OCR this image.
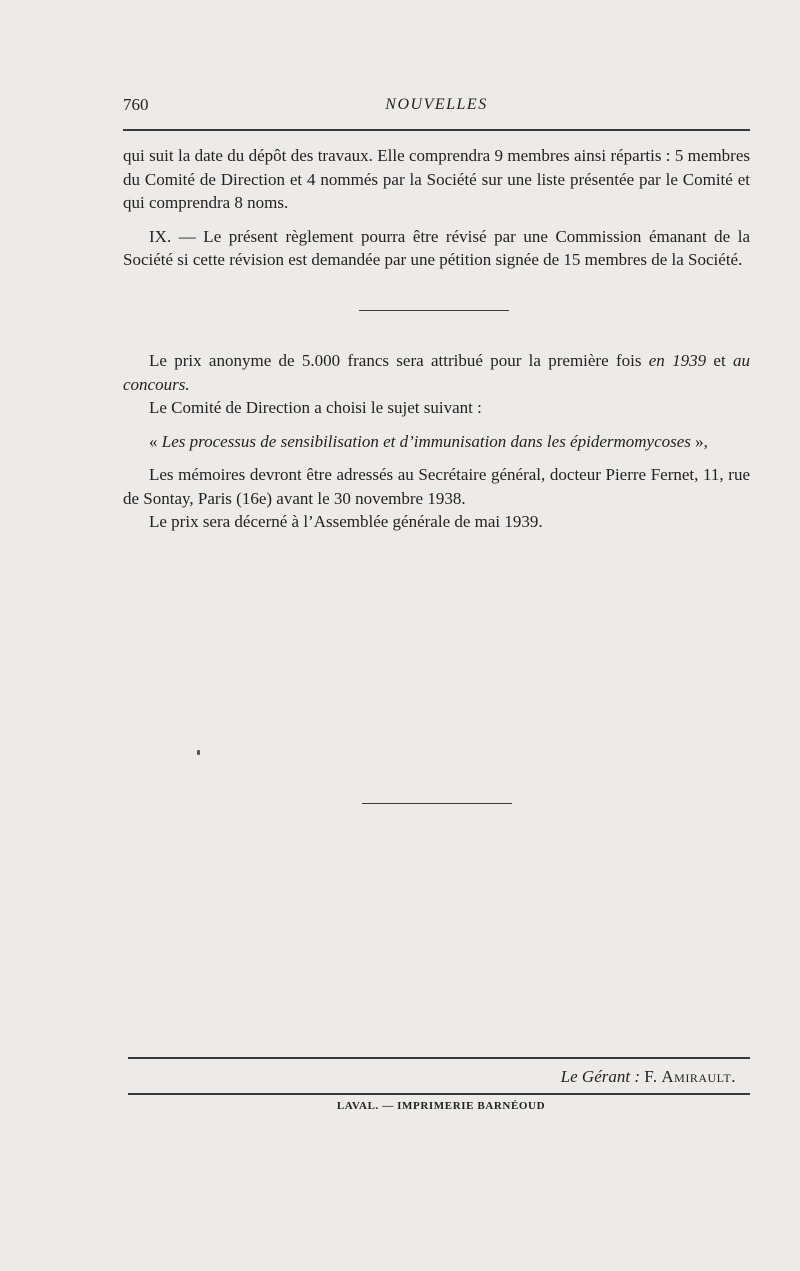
760	NOUVELLES

qui suit la date du dépôt des travaux. Elle comprendra 9 membres ainsi répartis : 5 membres du Comité de Direction et 4 nommés par la Société sur une liste présentée par le Comité et qui comprendra 8 noms.

IX. — Le présent règlement pourra être révisé par une Commission émanant de la Société si cette révision est demandée par une pétition signée de 15 membres de la Société.

Le prix anonyme de 5.000 francs sera attribué pour la première fois en 1939 et au concours.

Le Comité de Direction a choisi le sujet suivant :

« Les processus de sensibilisation et d’immunisation dans les épidermomycoses »,

Les mémoires devront être adressés au Secrétaire général, docteur Pierre Fernet, 11, rue de Sontay, Paris (16e) avant le 30 novembre 1938.

Le prix sera décerné à l’Assemblée générale de mai 1939.

Le Gérant : F. Amirault.
LAVAL. — IMPRIMERIE BARNÉOUD
